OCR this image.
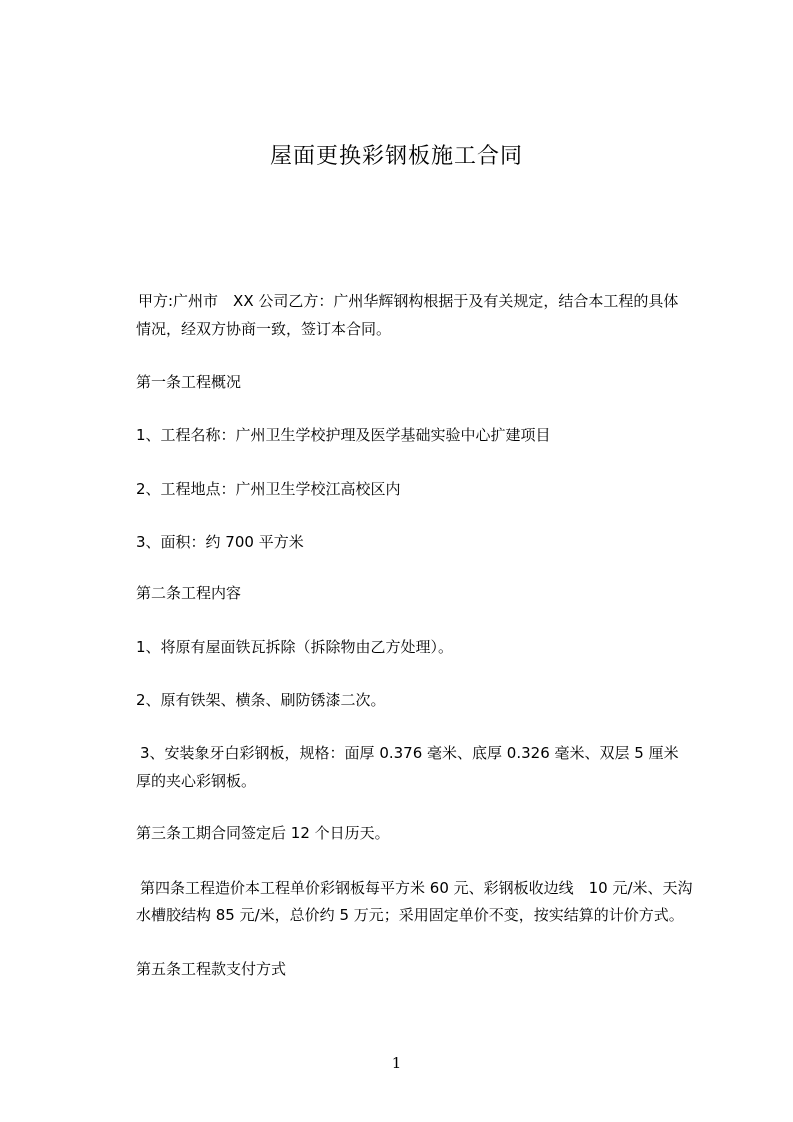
屋面更换彩钢板施工合同
甲方:广州市　XX 公司乙方：广州华辉钢构根据于及有关规定，结合本工程的具体
情况，经双方协商一致，签订本合同。
第一条工程概况
1、工程名称：广州卫生学校护理及医学基础实验中心扩建项目
2、工程地点：广州卫生学校江高校区内
3、面积：约 700 平方米
第二条工程内容
1、将原有屋面铁瓦拆除（拆除物由乙方处理）。
2、原有铁架、横条、刷防锈漆二次。
3、安装象牙白彩钢板，规格：面厚 0.376 毫米、底厚 0.326 毫米、双层 5 厘米
厚的夹心彩钢板。
第三条工期合同签定后 12 个日历天。
第四条工程造价本工程单价彩钢板每平方米 60 元、彩钢板收边线　10 元/米、天沟
水槽胶结构 85 元/米，总价约 5 万元；采用固定单价不变，按实结算的计价方式。
第五条工程款支付方式
1
